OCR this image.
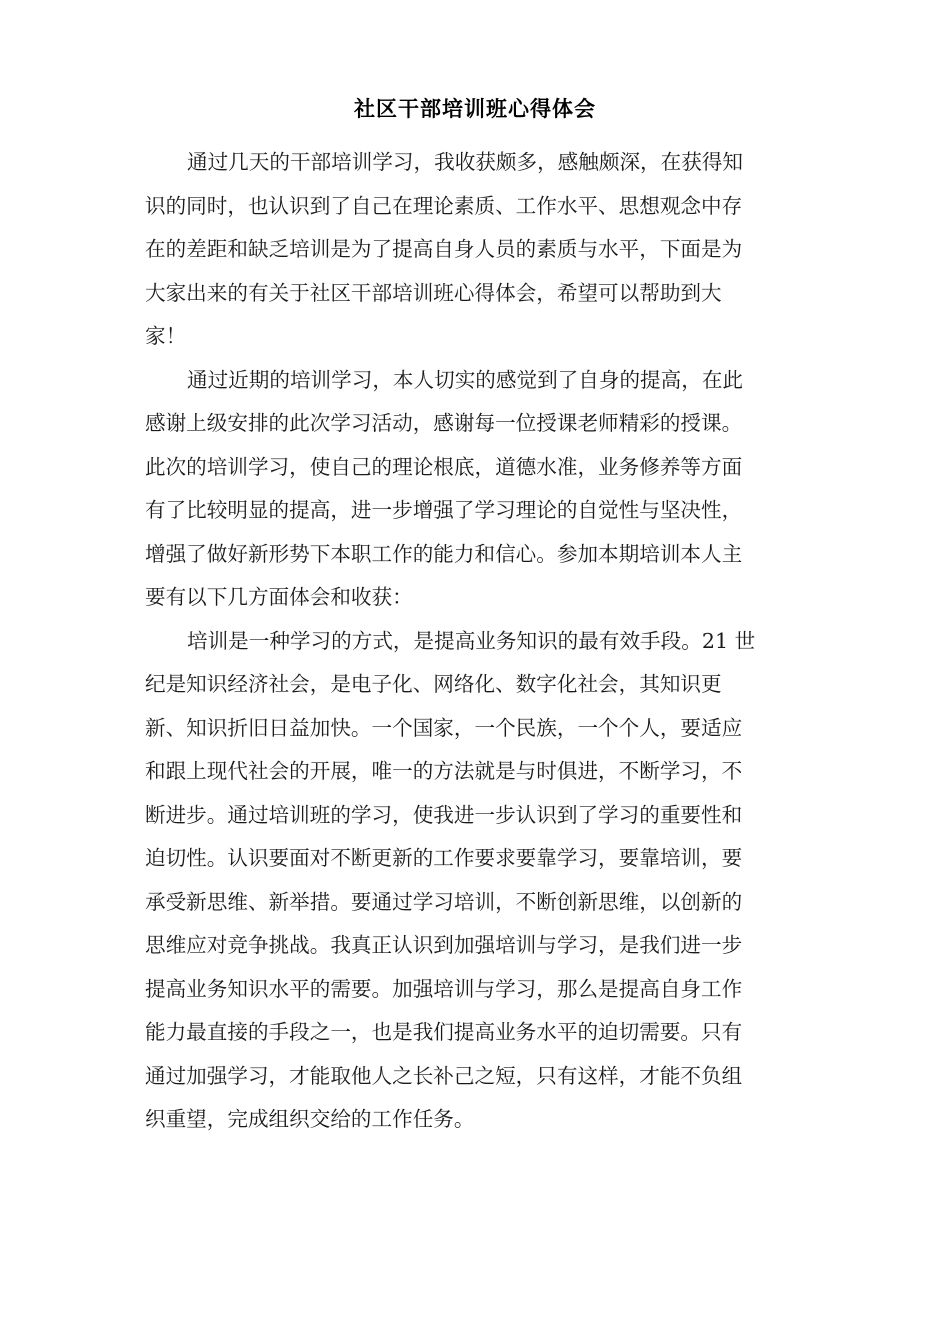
社区干部培训班心得体会

通过几天的干部培训学习，我收获颇多，感触颇深，在获得知

识的同时，也认识到了自己在理论素质、工作水平、思想观念中存

在的差距和缺乏培训是为了提高自身人员的素质与水平，下面是为

大家出来的有关于社区干部培训班心得体会，希望可以帮助到大

家！

通过近期的培训学习，本人切实的感觉到了自身的提高，在此

感谢上级安排的此次学习活动，感谢每一位授课老师精彩的授课。

此次的培训学习，使自己的理论根底，道德水准，业务修养等方面

有了比较明显的提高，进一步增强了学习理论的自觉性与坚决性，

增强了做好新形势下本职工作的能力和信心。参加本期培训本人主

要有以下几方面体会和收获：

培训是一种学习的方式，是提高业务知识的最有效手段。21 世

纪是知识经济社会，是电子化、网络化、数字化社会，其知识更

新、知识折旧日益加快。一个国家，一个民族，一个个人，要适应

和跟上现代社会的开展，唯一的方法就是与时俱进，不断学习，不

断进步。通过培训班的学习，使我进一步认识到了学习的重要性和

迫切性。认识要面对不断更新的工作要求要靠学习，要靠培训，要

承受新思维、新举措。要通过学习培训，不断创新思维，以创新的

思维应对竞争挑战。我真正认识到加强培训与学习，是我们进一步

提高业务知识水平的需要。加强培训与学习，那么是提高自身工作

能力最直接的手段之一，也是我们提高业务水平的迫切需要。只有

通过加强学习，才能取他人之长补己之短，只有这样，才能不负组

织重望，完成组织交给的工作任务。
